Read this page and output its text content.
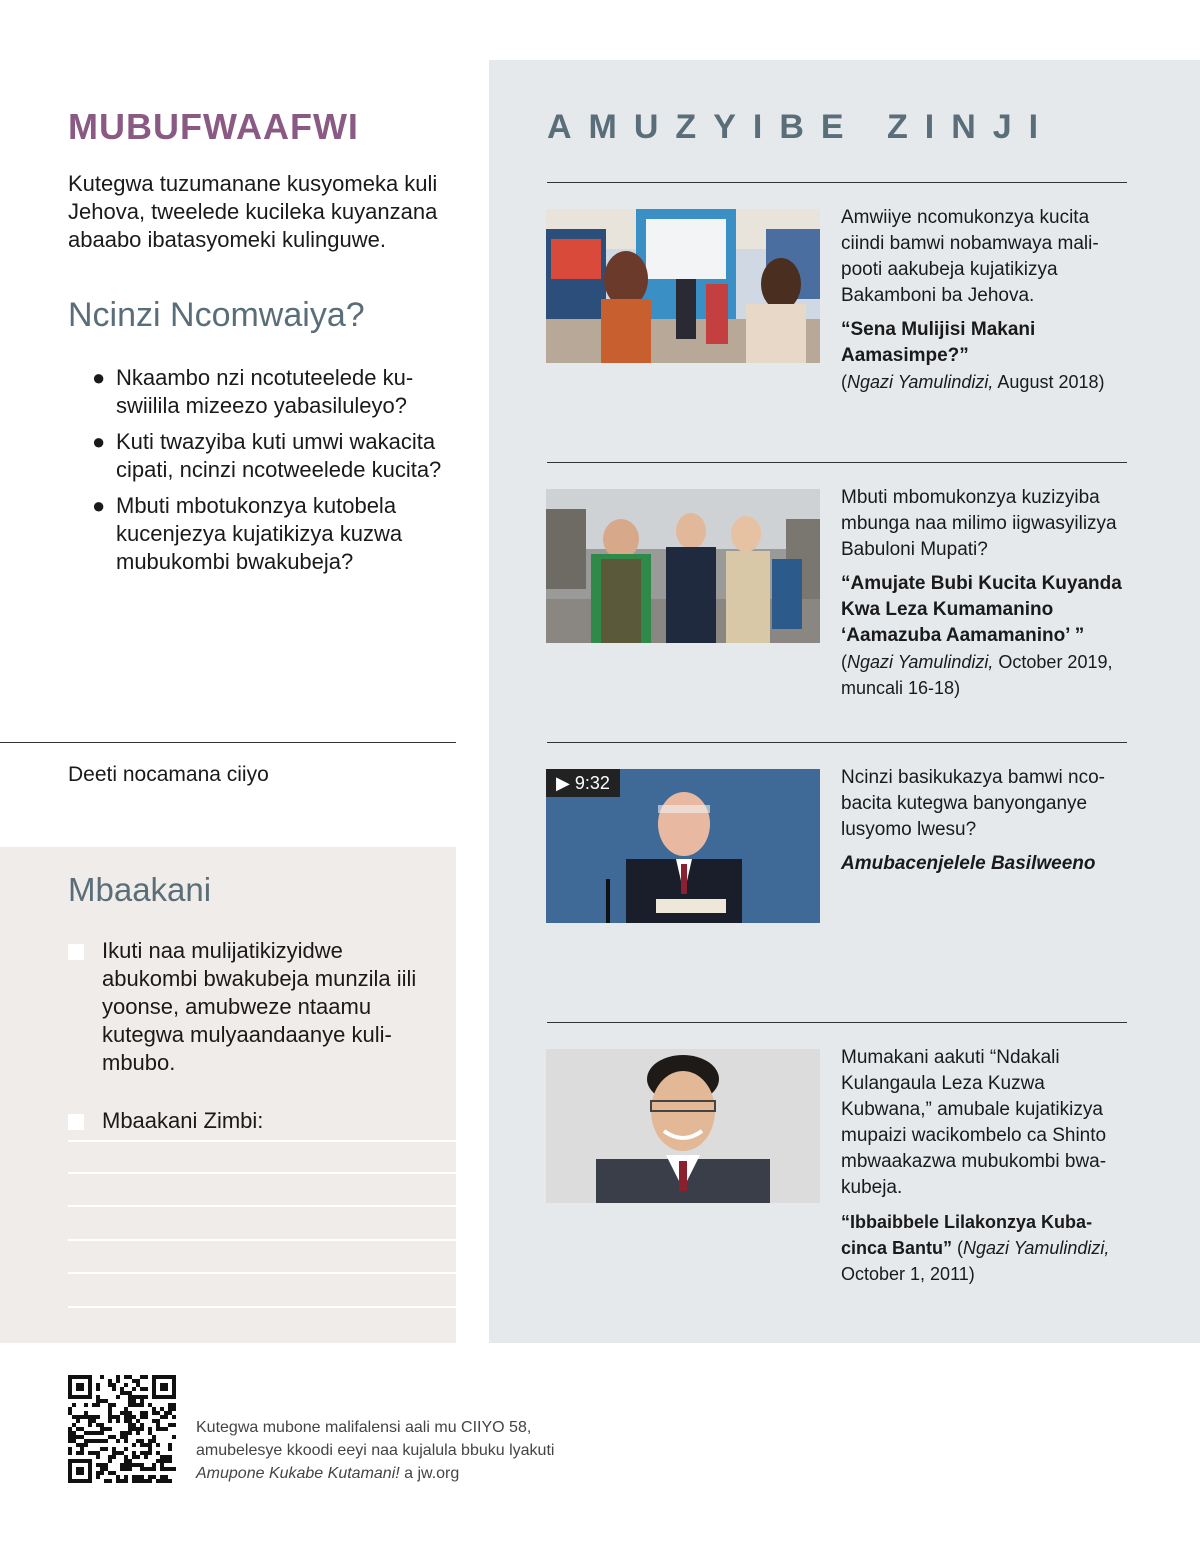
MUBUFWAAFWI
Kutegwa tuzumanane kusyomeka kuli Jehova, tweelede kucileka kuyanzana abaabo ibatasyomeki kulinguwe.
Ncinzi Ncomwaiya?
● Nkaambo nzi ncotuteelede kuswiilila mizeezo yabasiluleyo?
● Kuti twazyiba kuti umwi wakacita cipati, ncinzi ncotweelede kucita?
● Mbuti mbotukonzya kutobela kucenjezya kujatikizya kuzwa mubukombi bwakubeja?
Deeti nocamana ciiyo
Mbaakani
Ikuti naa mulijatikizyidwe abukombi bwakubeja munzila iili yoonse, amubweze ntaamu kutegwa mulyaandaanye kulimbubo.
Mbaakani Zimbi:
AMUZYIBE ZINJI

Amwiiye ncomukonzya kucita ciindi bamwi nobamwaya malipooti aakubeja kujatikizya Bakamboni ba Jehova.

“Sena Mulijisi Makani Aamasimpe?”

(Ngazi Yamulindizi, August 2018)

Mbuti mbomukonzya kuzizyiba mbunga naa milimo iigwasyilizya Babuloni Mupati?

“Amujate Bubi Kucita Kuyanda Kwa Leza Kumamanino ‘Aamazuba Aamamanino’ ”

(Ngazi Yamulindizi, October 2019, muncali 16-18)

▶ 9:32	Ncinzi basikukazya bamwi ncobacita kutegwa banyonganye lusyomo lwesu?

Amubacenjelele Basilweeno

Mumakani aakuti “Ndakali Kulangaula Leza Kuzwa Kubwana,” amubale kujatikizya mupaizi wacikombelo ca Shinto mbwaakazwa mubukombi bwakubeja.

“Ibbaibbele Lilakonzya Kubacinca Bantu” (Ngazi Yamulindizi, October 1, 2011)

Kutegwa mubone malifalensi aali mu CIIYO 58,
amubelesye kkoodi eeyi naa kujalula bbuku lyakuti
Amupone Kukabe Kutamani! a jw.org
